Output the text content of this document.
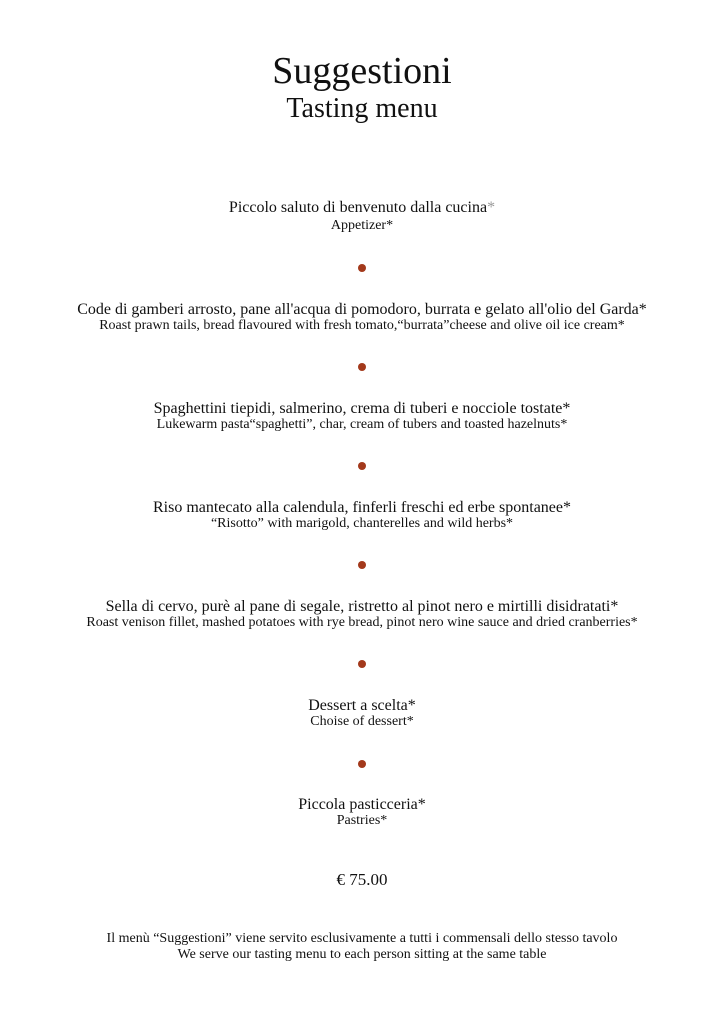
Suggestioni
Tasting menu
Piccolo saluto di benvenuto dalla cucina*
Appetizer*
Code di gamberi arrosto, pane all'acqua di pomodoro, burrata e gelato all'olio del Garda*
Roast prawn tails, bread flavoured with fresh tomato,“burrata”cheese and olive oil ice cream*
Spaghettini tiepidi, salmerino, crema di tuberi e nocciole tostate*
Lukewarm pasta“spaghetti”, char, cream of tubers and toasted hazelnuts*
Riso mantecato alla calendula, finferli freschi ed erbe spontanee*
“Risotto” with marigold, chanterelles and wild herbs*
Sella di cervo, purè al pane di segale, ristretto al pinot nero e mirtilli disidratati*
Roast venison fillet, mashed potatoes with rye bread, pinot nero wine sauce and dried cranberries*
Dessert a scelta*
Choise of dessert*
Piccola pasticceria*
Pastries*
€ 75.00
Il menù “Suggestioni” viene servito esclusivamente a tutti i commensali dello stesso tavolo
We serve our tasting menu to each person sitting at the same table
